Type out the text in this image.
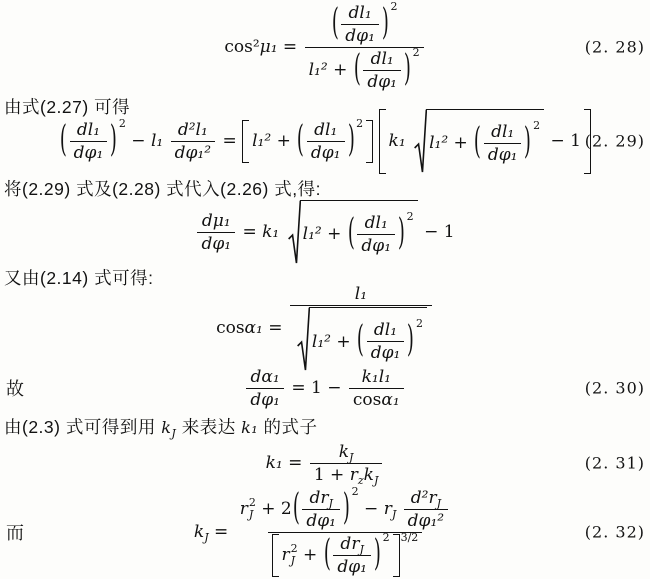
cos² $\mu_1 = \frac{( \frac{\text{dl₁}}{\text{dφ₁}} ) 2}{l_1^2 + ( \frac{\text{dl₁}}{\text{dφ₁}} ) 2}$	(2. 28)
由式(2.27) 可得
( $\frac{\text{dl₁}}{\text{dφ₁}}$ ) 2
− $l_1 \frac{\text{d²l₁}}{\text{dφ₁²}} = l_1^2$ + ( $\frac{\text{dl₁}}{\text{dφ₁}}$ ) 2

k₁ l₁² + ( $\frac{\text{dl₁}}{\text{dφ₁}}$ ) 2
− 1 (2. 29)
将(2.29) 式及(2.28) 式代入(2.26) 式,得:
$\frac{\text{dμ₁}}{\text{dφ₁}} = k_1$ l₁² + ( $\frac{\text{dl₁}}{\text{dφ₁}}$ ) 2
− 1
又由(2.14) 式可得:
$\cos \alpha_1 = \frac{\text{l₁}}{l_1^2 + ( \frac{\text{dl₁}}{\text{dφ₁}} ) 2}$
故	$\frac{\text{dα₁}}{\text{dφ₁}} = 1 - \frac{\text{k₁l₁}}{\text{cos α₁}}$	(2. 30)
由(2.3) 式可得到用 $k_J$ 来表达 k₁ 的式子
k₁ =
k J
1 + r z k J
(2. 31)
而	k J =
r 2
J + 2 ( d r J
dφ₁ ) 2
− r J
$\frac{\text{d² r J}}{\text{dφ₁²}}$
r 2
J + ( d r J
dφ₁ ) 2 3/2	(2. 32)
